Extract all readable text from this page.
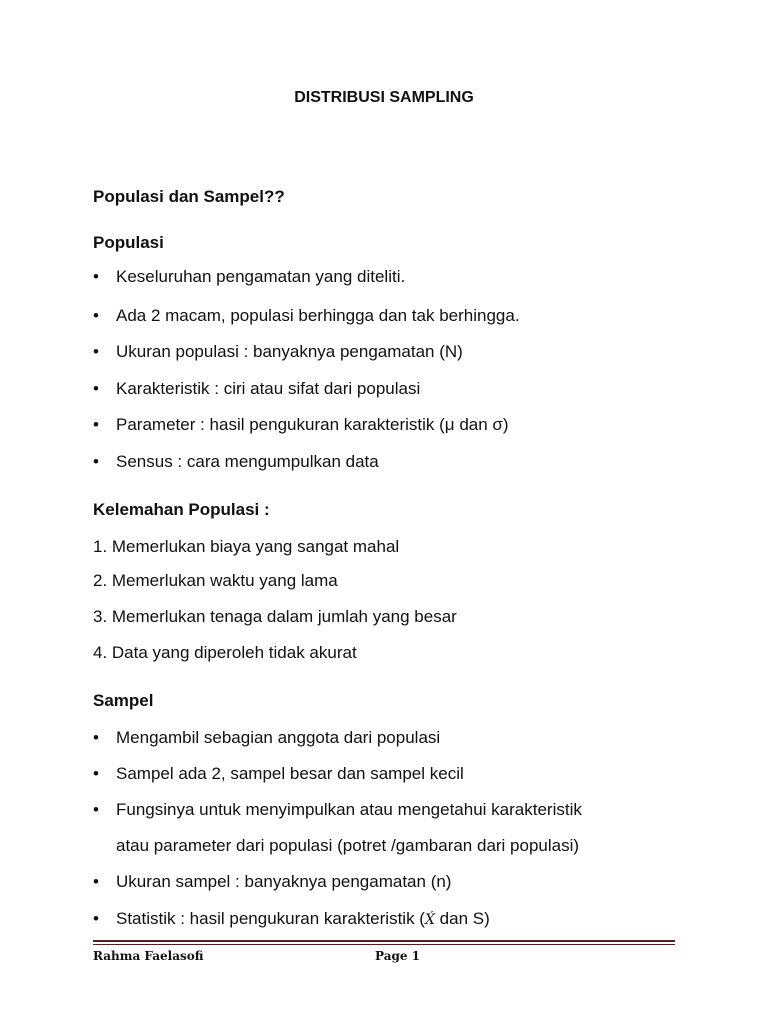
DISTRIBUSI SAMPLING
Populasi dan Sampel??
Populasi
• Keseluruhan pengamatan yang diteliti.
• Ada 2 macam, populasi berhingga dan tak berhingga.
• Ukuran populasi : banyaknya pengamatan (N)
• Karakteristik : ciri atau sifat dari populasi
• Parameter : hasil pengukuran karakteristik (μ dan σ)
• Sensus : cara mengumpulkan data
Kelemahan Populasi :
1. Memerlukan biaya yang sangat mahal
2. Memerlukan waktu yang lama
3. Memerlukan tenaga dalam jumlah yang besar
4. Data yang diperoleh tidak akurat
Sampel
• Mengambil sebagian anggota dari populasi
• Sampel ada 2, sampel besar dan sampel kecil
• Fungsinya untuk menyimpulkan atau mengetahui karakteristik
atau parameter dari populasi (potret /gambaran dari populasi)
• Ukuran sampel : banyaknya pengamatan (n)
• Statistik : hasil pengukuran karakteristik (X́ dan S)
Rahma Faelasofi	Page 1
